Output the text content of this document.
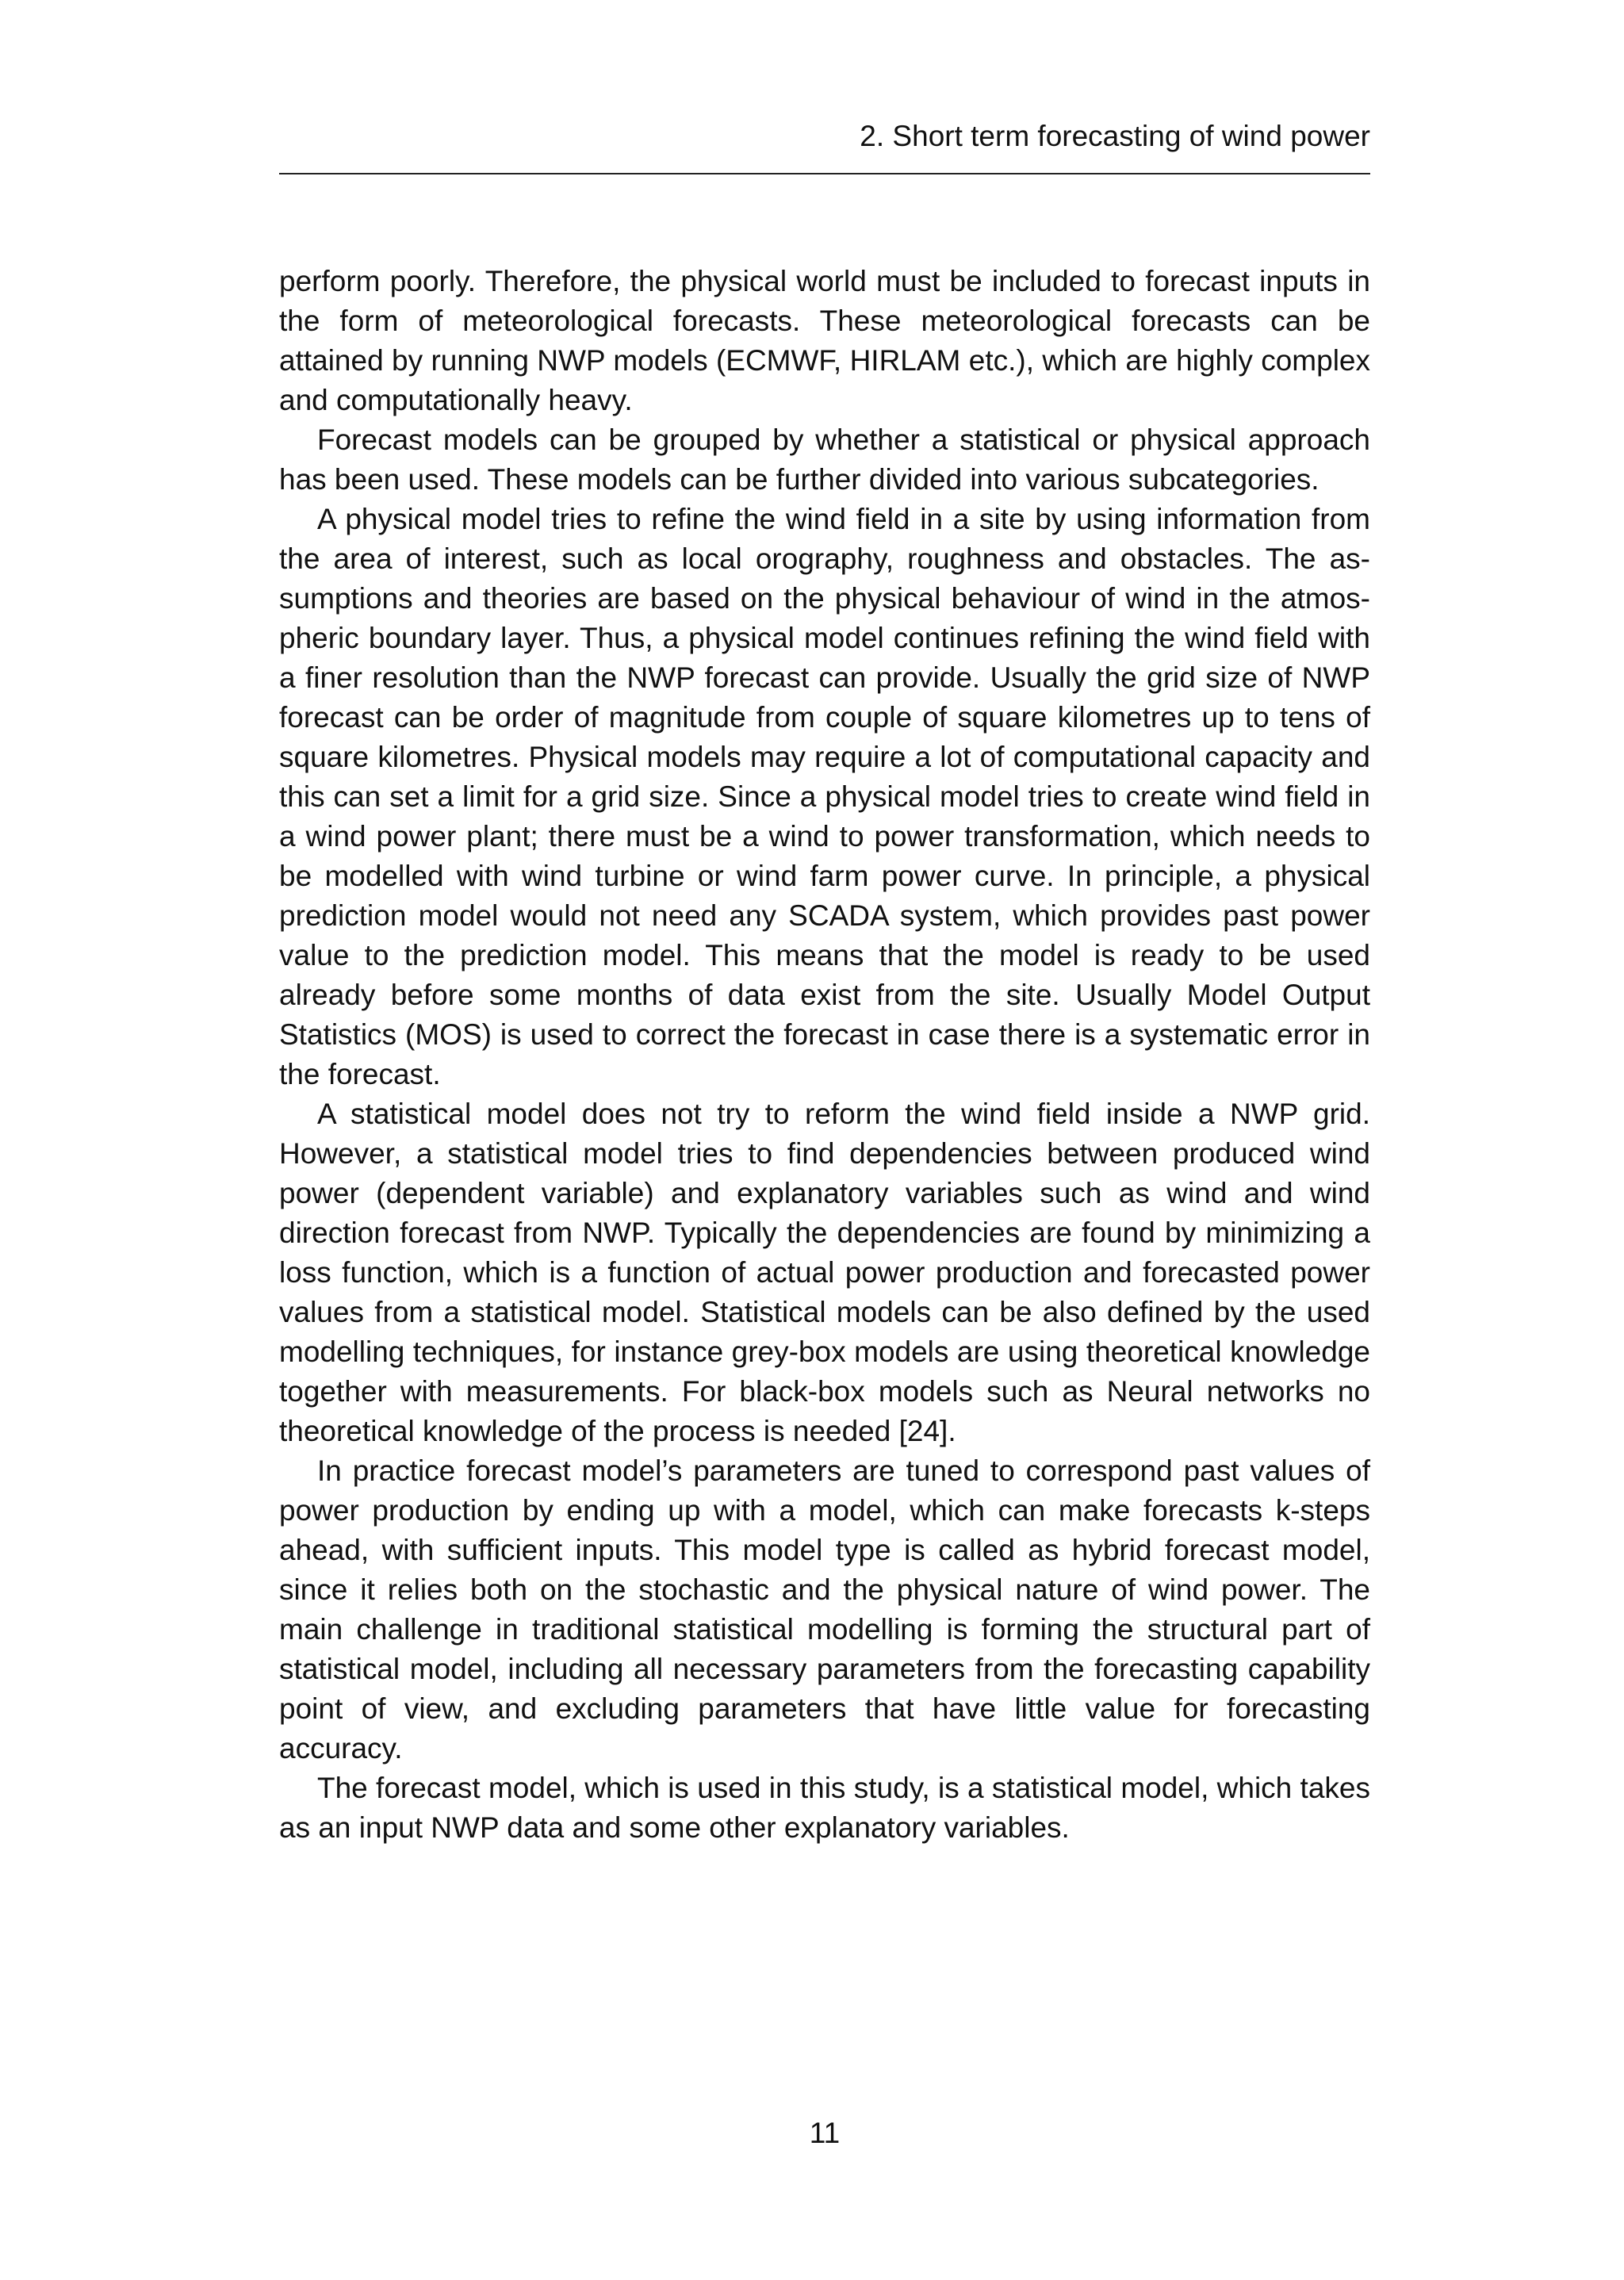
2. Short term forecasting of wind power

perform poorly. Therefore, the physical world must be included to forecast inputs in the form of meteorological forecasts. These meteorological forecasts can be attained by running NWP models (ECMWF, HIRLAM etc.), which are highly complex and computationally heavy.

Forecast models can be grouped by whether a statistical or physical approach has been used. These models can be further divided into various subcategories.

A physical model tries to refine the wind field in a site by using information from the area of interest, such as local orography, roughness and obstacles. The assumptions and theories are based on the physical behaviour of wind in the atmospheric boundary layer. Thus, a physical model continues refining the wind field with a finer resolution than the NWP forecast can provide. Usually the grid size of NWP forecast can be order of magnitude from couple of square kilometres up to tens of square kilometres. Physical models may require a lot of computational capacity and this can set a limit for a grid size. Since a physical model tries to create wind field in a wind power plant; there must be a wind to power transformation, which needs to be modelled with wind turbine or wind farm power curve. In principle, a physical prediction model would not need any SCADA system, which provides past power value to the prediction model. This means that the model is ready to be used already before some months of data exist from the site. Usually Model Output Statistics (MOS) is used to correct the forecast in case there is a systematic error in the forecast.

A statistical model does not try to reform the wind field inside a NWP grid. However, a statistical model tries to find dependencies between produced wind power (dependent variable) and explanatory variables such as wind and wind direction forecast from NWP. Typically the dependencies are found by minimizing a loss function, which is a function of actual power production and forecasted power values from a statistical model. Statistical models can be also defined by the used modelling techniques, for instance grey-box models are using theoretical knowledge together with measurements. For black-box models such as Neural networks no theoretical knowledge of the process is needed [24].

In practice forecast model’s parameters are tuned to correspond past values of power production by ending up with a model, which can make forecasts k-steps ahead, with sufficient inputs. This model type is called as hybrid forecast model, since it relies both on the stochastic and the physical nature of wind power. The main challenge in traditional statistical modelling is forming the structural part of statistical model, including all necessary parameters from the forecasting capability point of view, and excluding parameters that have little value for forecasting accuracy.

The forecast model, which is used in this study, is a statistical model, which takes as an input NWP data and some other explanatory variables.

11
